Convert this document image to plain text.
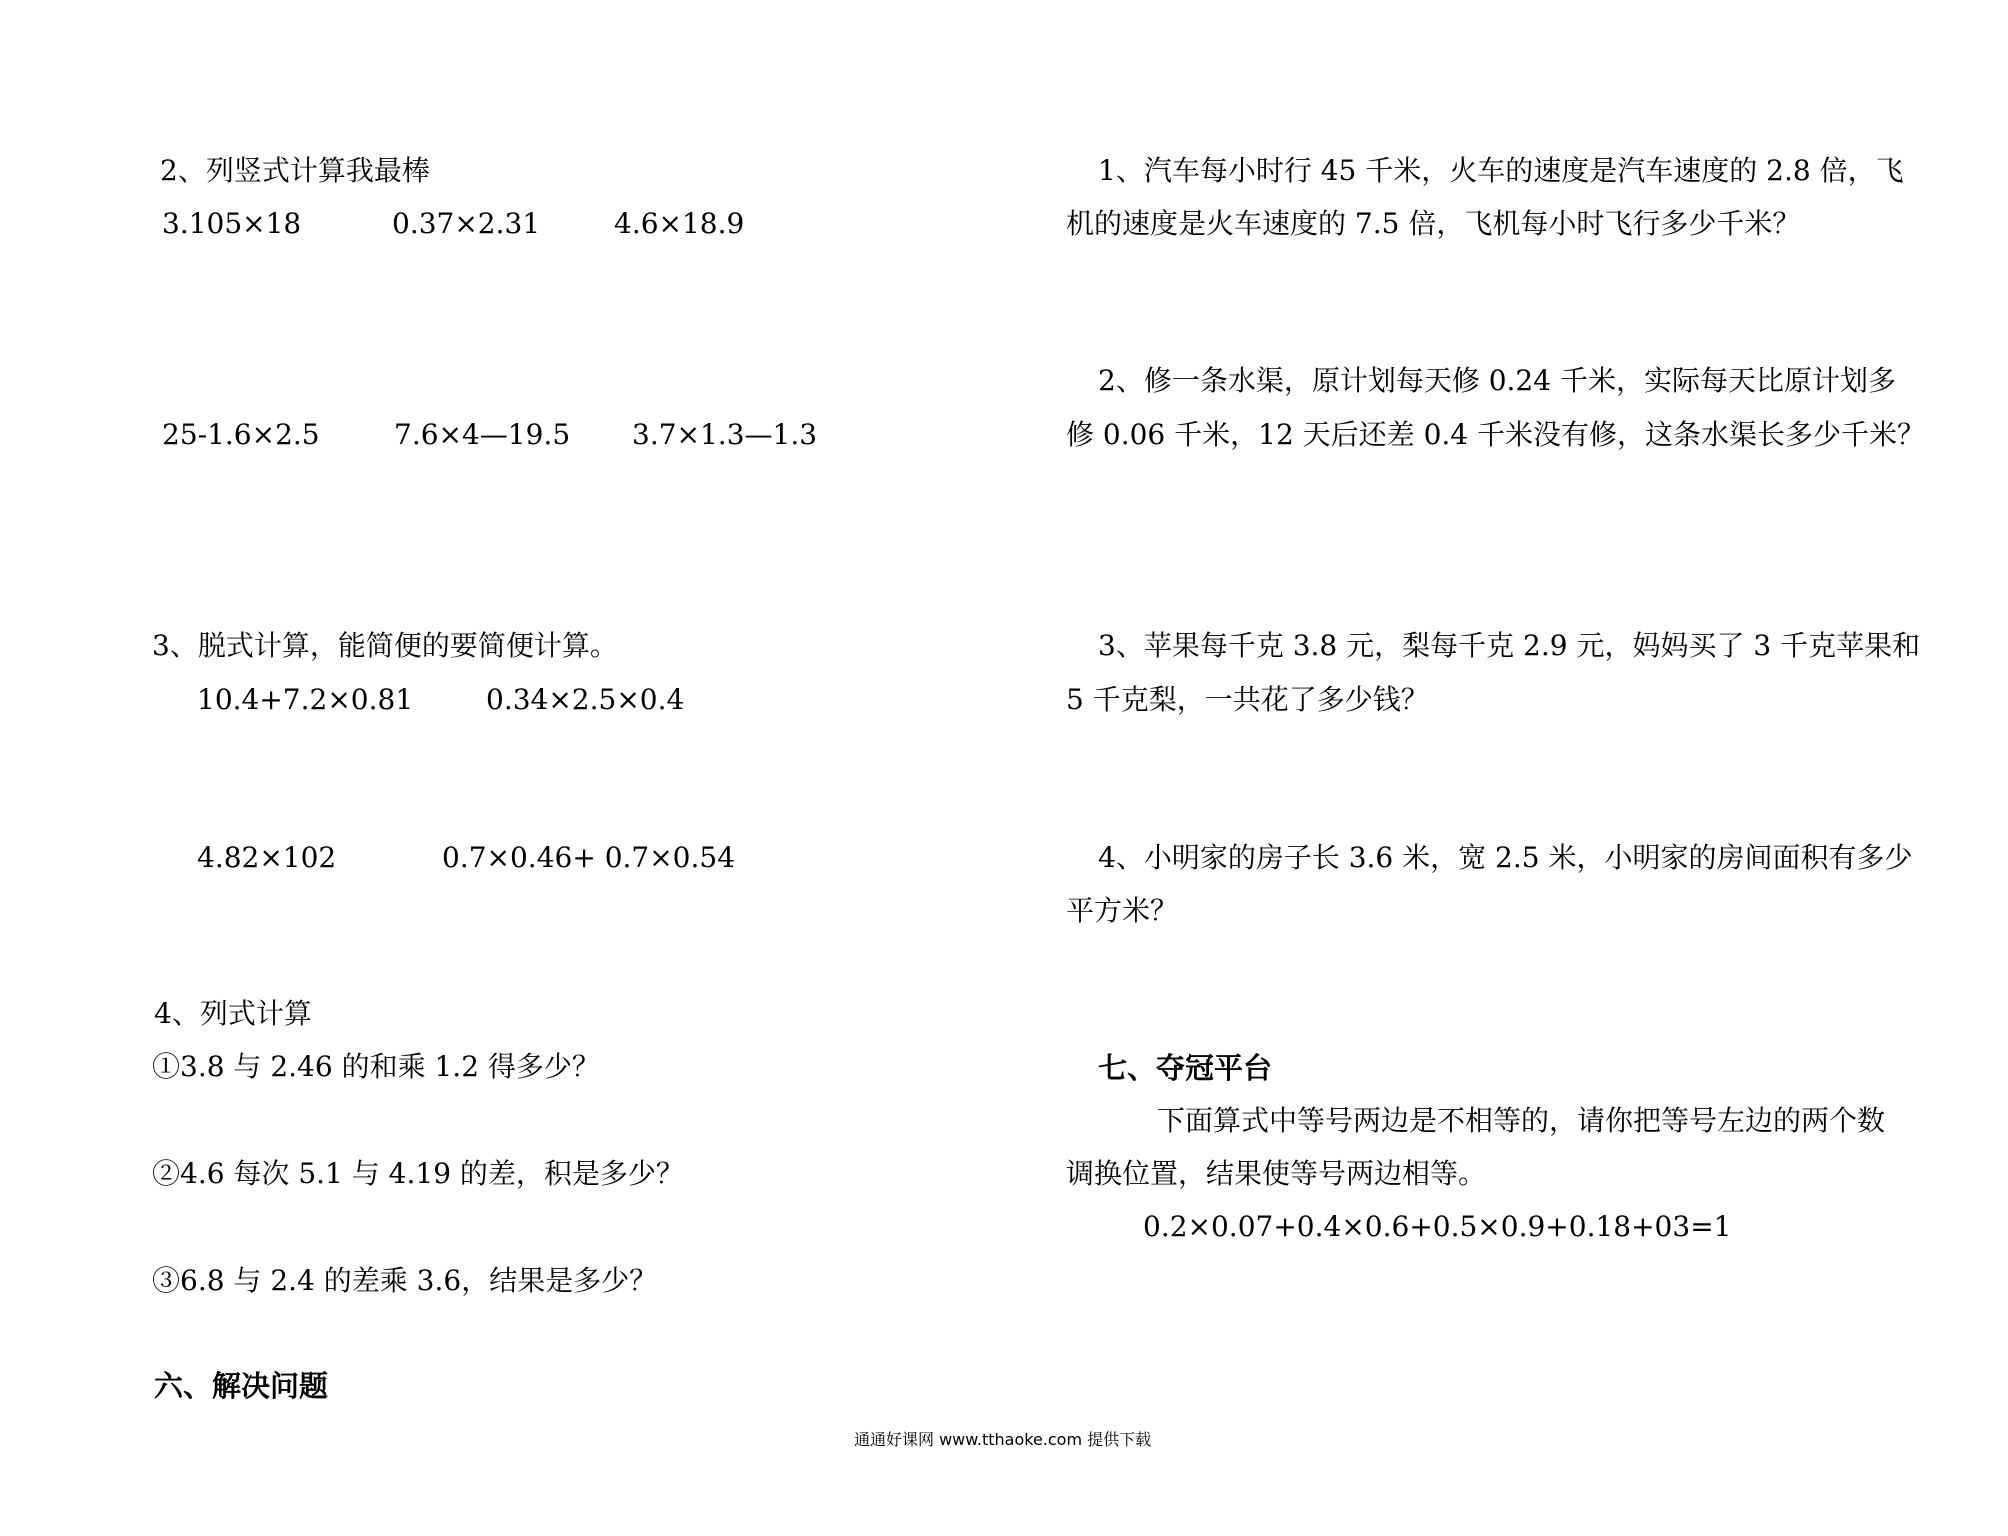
2、列竖式计算我最棒
3.105×18	0.37×2.31	4.6×18.9
25-1.6×2.5	7.6×4—19.5 3.7×1.3—1.3
3、脱式计算，能简便的要简便计算。
10.4+7.2×0.81	0.34×2.5×0.4
4.82×102	0.7×0.46+ 0.7×0.54
4、列式计算
①3.8 与 2.46 的和乘 1.2 得多少？
②4.6 每次 5.1 与 4.19 的差，积是多少？
③6.8 与 2.4 的差乘 3.6，结果是多少？
六、解决问题
1、汽车每小时行 45 千米，火车的速度是汽车速度的 2.8 倍，飞
机的速度是火车速度的 7.5 倍，飞机每小时飞行多少千米？
2、修一条水渠，原计划每天修 0.24 千米，实际每天比原计划多
修 0.06 千米，12 天后还差 0.4 千米没有修，这条水渠长多少千米？
3、苹果每千克 3.8 元，梨每千克 2.9 元，妈妈买了 3 千克苹果和
5 千克梨，一共花了多少钱？
4、小明家的房子长 3.6 米，宽 2.5 米，小明家的房间面积有多少
平方米？
七、夺冠平台
下面算式中等号两边是不相等的，请你把等号左边的两个数
调换位置，结果使等号两边相等。
0.2×0.07+0.4×0.6+0.5×0.9+0.18+03=1
通通好课网 www.tthaoke.com 提供下载
